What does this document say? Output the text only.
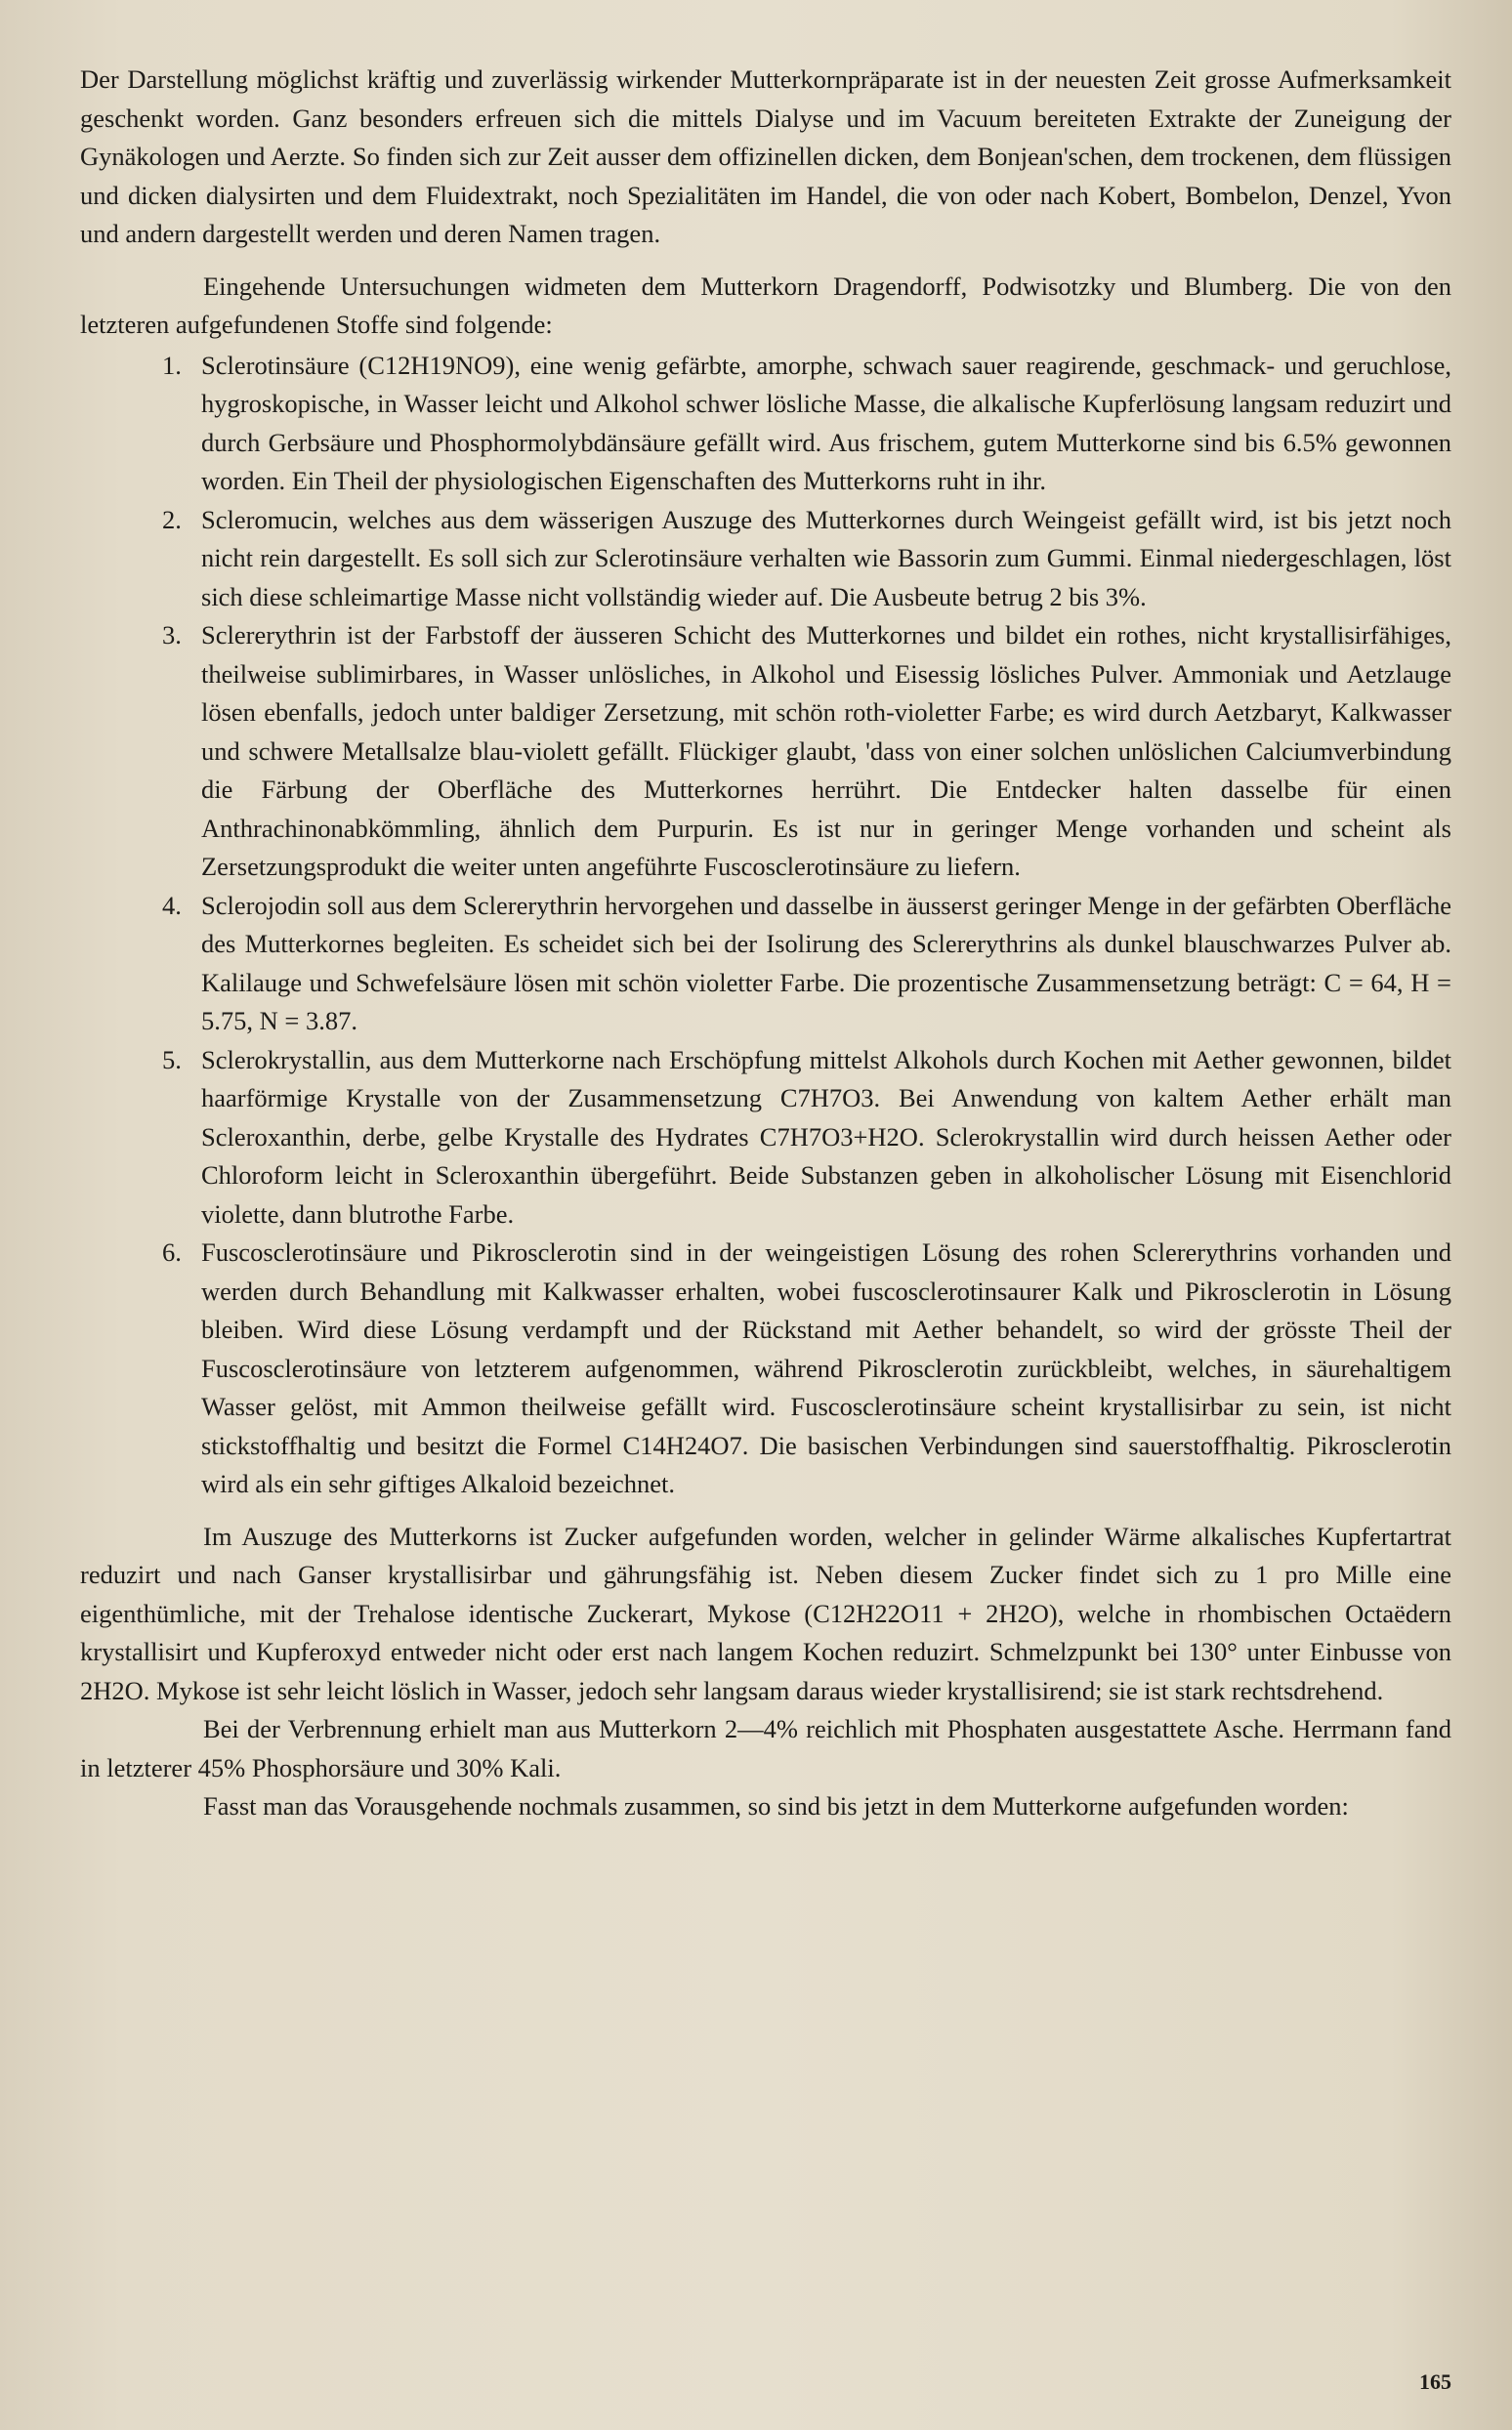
Der Darstellung möglichst kräftig und zuverlässig wirkender Mutterkornpräparate ist in der neuesten Zeit grosse Aufmerksamkeit geschenkt worden. Ganz besonders erfreuen sich die mittels Dialyse und im Vacuum bereiteten Extrakte der Zuneigung der Gynäkologen und Aerzte. So finden sich zur Zeit ausser dem offizinellen dicken, dem Bonjean'schen, dem trockenen, dem flüssigen und dicken dialysirten und dem Fluidextrakt, noch Spezialitäten im Handel, die von oder nach Kobert, Bombelon, Denzel, Yvon und andern dargestellt werden und deren Namen tragen.

Eingehende Untersuchungen widmeten dem Mutterkorn Dragendorff, Podwisotzky und Blumberg. Die von den letzteren aufgefundenen Stoffe sind folgende:

1. Sclerotinsäure (C12H19NO9), eine wenig gefärbte, amorphe, schwach sauer reagirende, geschmack- und geruchlose, hygroskopische, in Wasser leicht und Alkohol schwer lösliche Masse, die alkalische Kupferlösung langsam reduzirt und durch Gerbsäure und Phosphormolybdänsäure gefällt wird. Aus frischem, gutem Mutterkorne sind bis 6.5% gewonnen worden. Ein Theil der physiologischen Eigenschaften des Mutterkorns ruht in ihr.
2. Scleromucin, welches aus dem wässerigen Auszuge des Mutterkornes durch Weingeist gefällt wird, ist bis jetzt noch nicht rein dargestellt. Es soll sich zur Sclerotinsäure verhalten wie Bassorin zum Gummi. Einmal niedergeschlagen, löst sich diese schleimartige Masse nicht vollständig wieder auf. Die Ausbeute betrug 2 bis 3%.
3. Sclererythrin ist der Farbstoff der äusseren Schicht des Mutterkornes und bildet ein rothes, nicht krystallisirfähiges, theilweise sublimirbares, in Wasser unlösliches, in Alkohol und Eisessig lösliches Pulver. Ammoniak und Aetzlauge lösen ebenfalls, jedoch unter baldiger Zersetzung, mit schön roth-violetter Farbe; es wird durch Aetzbaryt, Kalkwasser und schwere Metallsalze blau-violett gefällt. Flückiger glaubt, 'dass von einer solchen unlöslichen Calciumverbindung die Färbung der Oberfläche des Mutterkornes herrührt. Die Entdecker halten dasselbe für einen Anthrachinonabkömmling, ähnlich dem Purpurin. Es ist nur in geringer Menge vorhanden und scheint als Zersetzungsprodukt die weiter unten angeführte Fuscosclerotinsäure zu liefern.
4. Sclerojodin soll aus dem Sclererythrin hervorgehen und dasselbe in äusserst geringer Menge in der gefärbten Oberfläche des Mutterkornes begleiten. Es scheidet sich bei der Isolirung des Sclererythrins als dunkel blauschwarzes Pulver ab. Kalilauge und Schwefelsäure lösen mit schön violetter Farbe. Die prozentische Zusammensetzung beträgt: C = 64, H = 5.75, N = 3.87.
5. Sclerokrystallin, aus dem Mutterkorne nach Erschöpfung mittelst Alkohols durch Kochen mit Aether gewonnen, bildet haarförmige Krystalle von der Zusammensetzung C7H7O3. Bei Anwendung von kaltem Aether erhält man Scleroxanthin, derbe, gelbe Krystalle des Hydrates C7H7O3+H2O. Sclerokrystallin wird durch heissen Aether oder Chloroform leicht in Scleroxanthin übergeführt. Beide Substanzen geben in alkoholischer Lösung mit Eisenchlorid violette, dann blutrothe Farbe.
6. Fuscosclerotinsäure und Pikrosclerotin sind in der weingeistigen Lösung des rohen Sclererythrins vorhanden und werden durch Behandlung mit Kalkwasser erhalten, wobei fuscosclerotinsaurer Kalk und Pikrosclerotin in Lösung bleiben. Wird diese Lösung verdampft und der Rückstand mit Aether behandelt, so wird der grösste Theil der Fuscosclerotinsäure von letzterem aufgenommen, während Pikrosclerotin zurückbleibt, welches, in säurehaltigem Wasser gelöst, mit Ammon theilweise gefällt wird. Fuscosclerotinsäure scheint krystallisirbar zu sein, ist nicht stickstoffhaltig und besitzt die Formel C14H24O7. Die basischen Verbindungen sind sauerstoffhaltig. Pikrosclerotin wird als ein sehr giftiges Alkaloid bezeichnet.

Im Auszuge des Mutterkorns ist Zucker aufgefunden worden, welcher in gelinder Wärme alkalisches Kupfertartrat reduzirt und nach Ganser krystallisirbar und gährungsfähig ist. Neben diesem Zucker findet sich zu 1 pro Mille eine eigenthümliche, mit der Trehalose identische Zuckerart, Mykose (C12H22O11 + 2H2O), welche in rhombischen Octaëdern krystallisirt und Kupferoxyd entweder nicht oder erst nach langem Kochen reduzirt. Schmelzpunkt bei 130° unter Einbusse von 2H2O. Mykose ist sehr leicht löslich in Wasser, jedoch sehr langsam daraus wieder krystallisirend; sie ist stark rechtsdrehend.

Bei der Verbrennung erhielt man aus Mutterkorn 2—4% reichlich mit Phosphaten ausgestattete Asche. Herrmann fand in letzterer 45% Phosphorsäure und 30% Kali.

Fasst man das Vorausgehende nochmals zusammen, so sind bis jetzt in dem Mutterkorne aufgefunden worden:

165
